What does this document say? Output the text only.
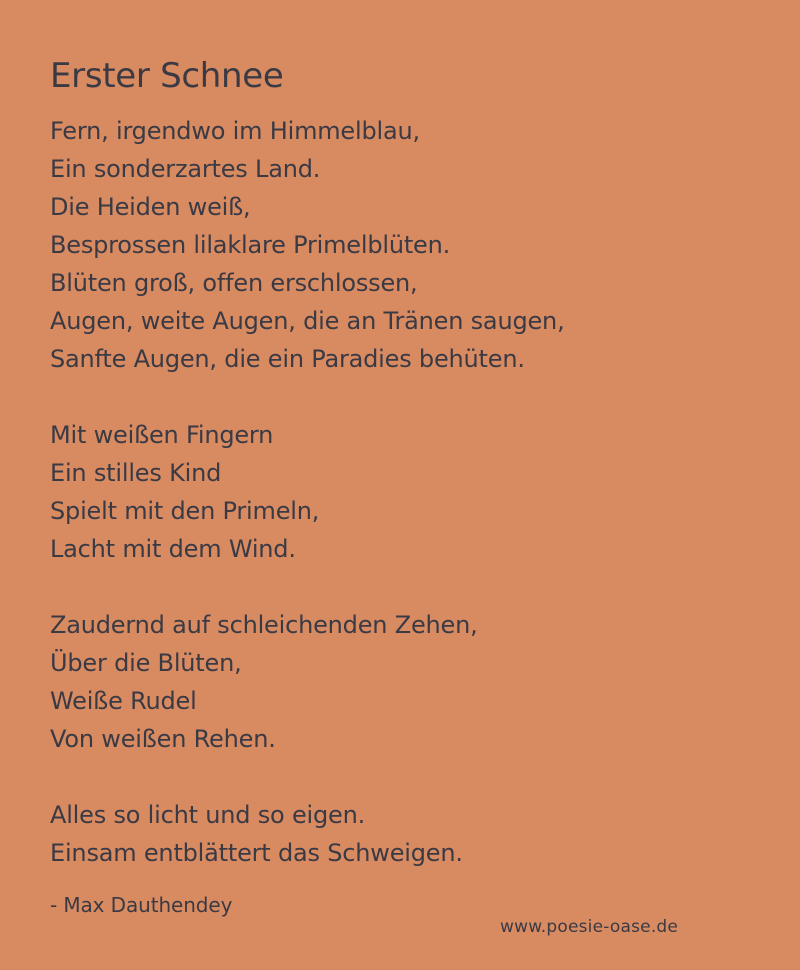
Erster Schnee
Fern, irgendwo im Himmelblau,
Ein sonderzartes Land.
Die Heiden weiß,
Besprossen lilaklare Primelblüten.
Blüten groß, offen erschlossen,
Augen, weite Augen, die an Tränen saugen,
Sanfte Augen, die ein Paradies behüten.
Mit weißen Fingern
Ein stilles Kind
Spielt mit den Primeln,
Lacht mit dem Wind.
Zaudernd auf schleichenden Zehen,
Über die Blüten,
Weiße Rudel
Von weißen Rehen.
Alles so licht und so eigen.
Einsam entblättert das Schweigen.
- Max Dauthendey
www.poesie-oase.de
